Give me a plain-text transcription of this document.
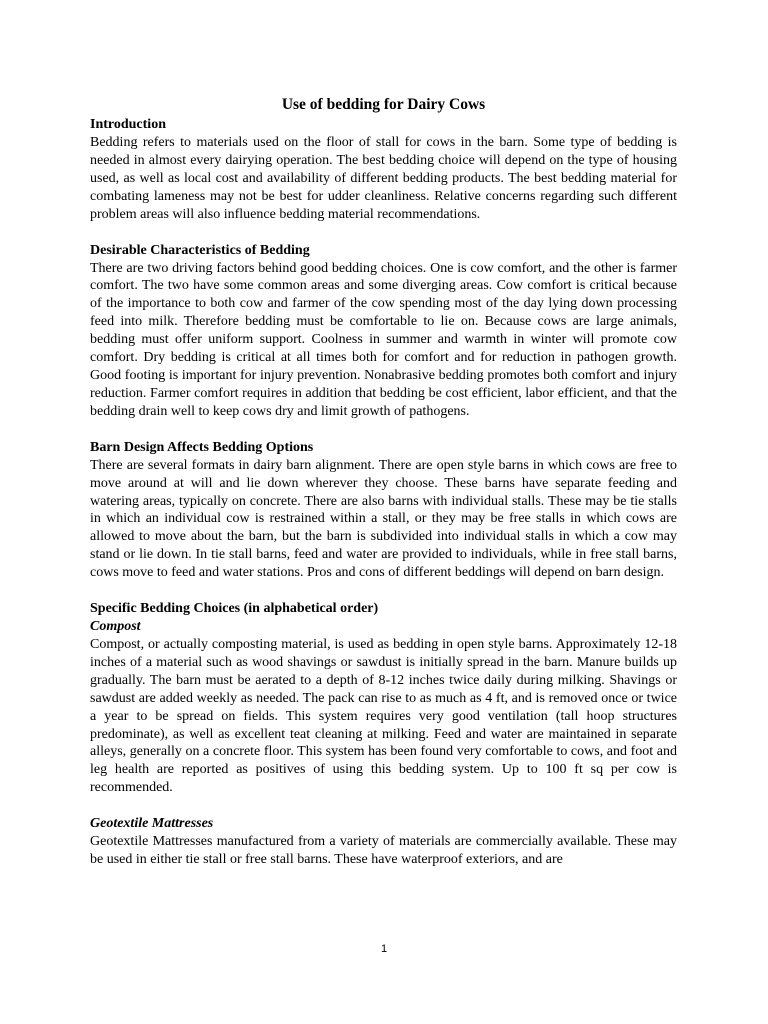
Use of bedding for Dairy Cows
Introduction

Bedding refers to materials used on the floor of stall for cows in the barn. Some type of bedding is needed in almost every dairying operation. The best bedding choice will depend on the type of housing used, as well as local cost and availability of different bedding products. The best bedding material for combating lameness may not be best for udder cleanliness. Relative concerns regarding such different problem areas will also influence bedding material recommendations.

Desirable Characteristics of Bedding

There are two driving factors behind good bedding choices. One is cow comfort, and the other is farmer comfort. The two have some common areas and some diverging areas. Cow comfort is critical because of the importance to both cow and farmer of the cow spending most of the day lying down processing feed into milk. Therefore bedding must be comfortable to lie on. Because cows are large animals, bedding must offer uniform support. Coolness in summer and warmth in winter will promote cow comfort. Dry bedding is critical at all times both for comfort and for reduction in pathogen growth. Good footing is important for injury prevention. Nonabrasive bedding promotes both comfort and injury reduction. Farmer comfort requires in addition that bedding be cost efficient, labor efficient, and that the bedding drain well to keep cows dry and limit growth of pathogens.

Barn Design Affects Bedding Options

There are several formats in dairy barn alignment. There are open style barns in which cows are free to move around at will and lie down wherever they choose. These barns have separate feeding and watering areas, typically on concrete. There are also barns with individual stalls. These may be tie stalls in which an individual cow is restrained within a stall, or they may be free stalls in which cows are allowed to move about the barn, but the barn is subdivided into individual stalls in which a cow may stand or lie down. In tie stall barns, feed and water are provided to individuals, while in free stall barns, cows move to feed and water stations. Pros and cons of different beddings will depend on barn design.

Specific Bedding Choices (in alphabetical order)
Compost

Compost, or actually composting material, is used as bedding in open style barns. Approximately 12-18 inches of a material such as wood shavings or sawdust is initially spread in the barn. Manure builds up gradually. The barn must be aerated to a depth of 8-12 inches twice daily during milking. Shavings or sawdust are added weekly as needed. The pack can rise to as much as 4 ft, and is removed once or twice a year to be spread on fields. This system requires very good ventilation (tall hoop structures predominate), as well as excellent teat cleaning at milking. Feed and water are maintained in separate alleys, generally on a concrete floor. This system has been found very comfortable to cows, and foot and leg health are reported as positives of using this bedding system. Up to 100 ft sq per cow is recommended.

Geotextile Mattresses

Geotextile Mattresses manufactured from a variety of materials are commercially available. These may be used in either tie stall or free stall barns. These have waterproof exteriors, and are

1
